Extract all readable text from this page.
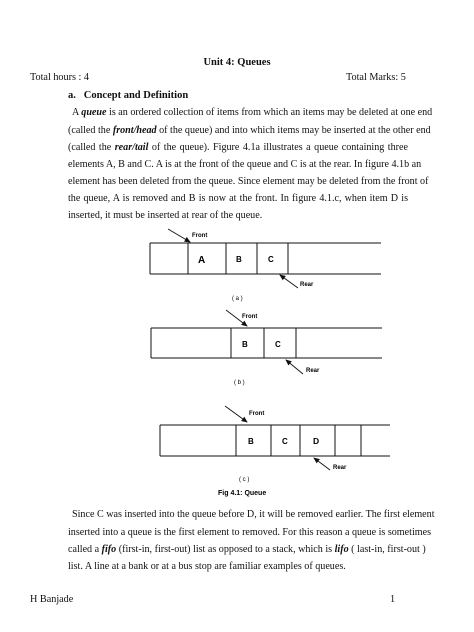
Unit 4: Queues
Total hours : 4	Total Marks: 5
a.   Concept and Definition
A queue is an ordered collection of items from which an items may be deleted at one end
(called the front/head of the queue) and into which items may be inserted at the other end
(called the rear/tail of the queue). Figure 4.1a illustrates a queue containing three
elements A, B and C. A is at the front of the queue and C is at the rear. In figure 4.1b an
element has been deleted from the queue. Since element may be deleted from the front of
the queue, A is removed and B is now at the front. In figure 4.1.c, when item D is
inserted, it must be inserted at rear of the queue.
A	B	C
Front
Rear
( a )
B	C
Front
Rear
( b )
B	C	D
Front
Rear
( c )
Fig 4.1: Queue
Since C was inserted into the queue before D, it will be removed earlier. The first element
inserted into a queue is the first element to removed. For this reason a queue is sometimes
called a fifo (first-in, first-out) list as opposed to a stack, which is lifo ( last-in, first-out )
list. A line at a bank or at a bus stop are familiar examples of queues.
H Banjade	1
